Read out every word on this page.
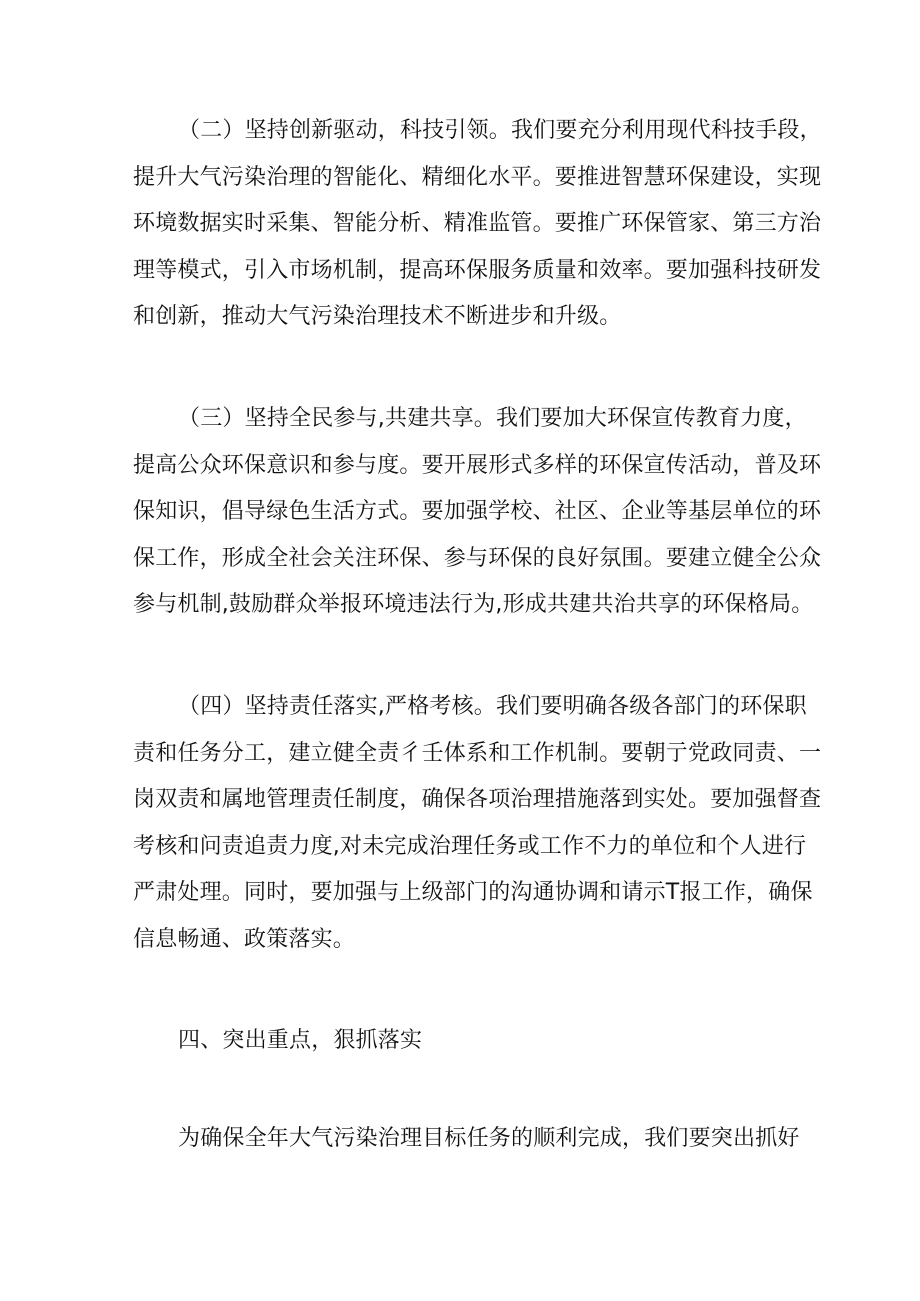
（二）坚持创新驱动，科技引领。我们要充分利用现代科技手段，
提升大气污染治理的智能化、精细化水平。要推进智慧环保建设，实现
环境数据实时采集、智能分析、精准监管。要推广环保管家、第三方治
理等模式，引入市场机制，提高环保服务质量和效率。要加强科技研发
和创新，推动大气污染治理技术不断进步和升级。
（三）坚持全民参与,共建共享。我们要加大环保宣传教育力度，
提高公众环保意识和参与度。要开展形式多样的环保宣传活动，普及环
保知识，倡导绿色生活方式。要加强学校、社区、企业等基层单位的环
保工作，形成全社会关注环保、参与环保的良好氛围。要建立健全公众
参与机制,鼓励群众举报环境违法行为,形成共建共治共享的环保格局。
（四）坚持责任落实,严格考核。我们要明确各级各部门的环保职
责和任务分工，建立健全责彳壬体系和工作机制。要朝亍党政同责、一
岗双责和属地管理责任制度，确保各项治理措施落到实处。要加强督查
考核和问责追责力度,对未完成治理任务或工作不力的单位和个人进行
严肃处理。同时，要加强与上级部门的沟通协调和请示T报工作，确保
信息畅通、政策落实。
四、突出重点，狠抓落实
为确保全年大气污染治理目标任务的顺利完成，我们要突出抓好
